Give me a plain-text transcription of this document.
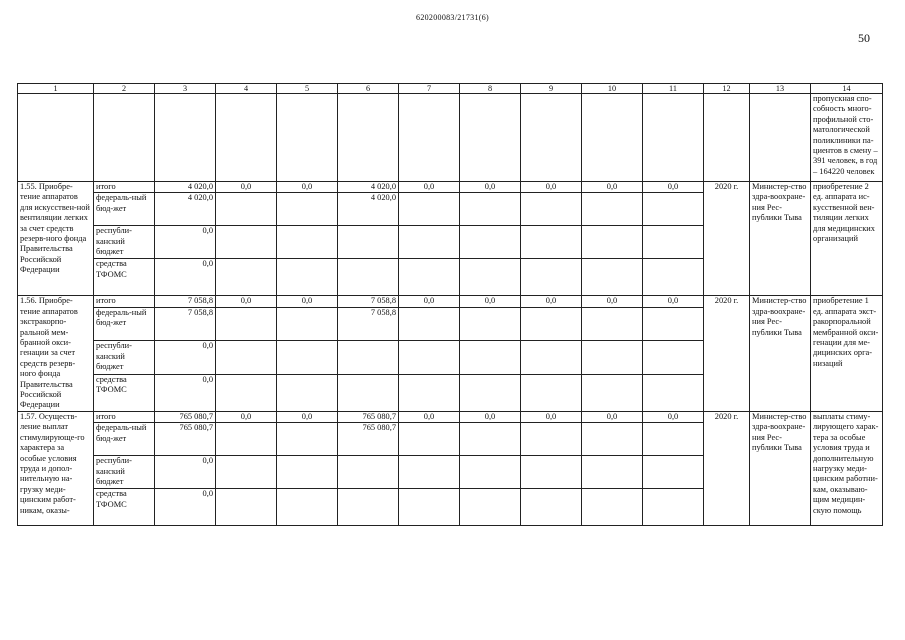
620200083/21731(6)
50
1	2	3	4	5	6	7	8	9	10	11	12	13	14
													пропускная спо-собность много-профильной сто-матологической поликлиники па-циентов в смену – 391 человек, в год – 164220 человек
1.55. Приобре-тение аппаратов для искусствен-ной вентиляции легких за счет средств резерв-ного фонда Правительства Российской Федерации	итого	4 020,0	0,0	0,0	4 020,0	0,0	0,0	0,0	0,0	0,0	2020 г.	Министер-ство здра-воохране-ния Рес-публики Тыва	приобретение 2 ед. аппарата ис-кусственной вен-тиляции легких для медицинских организаций
	федераль-ный бюд-жет	4 020,0			4 020,0								
	республи-канский бюджет	0,0											
	средства ТФОМС	0,0											
1.56. Приобре-тение аппаратов экстракорпо-ральной мем-бранной окси-генации за счет средств резерв-ного фонда Правительства Российской Федерации	итого	7 058,8	0,0	0,0	7 058,8	0,0	0,0	0,0	0,0	0,0	2020 г.	Министер-ство здра-воохране-ния Рес-публики Тыва	приобретение 1 ед. аппарата экст-ракорпоральной мембранной окси-генации для ме-дицинских орга-низаций
	федераль-ный бюд-жет	7 058,8			7 058,8								
	республи-канский бюджет	0,0											
	средства ТФОМС	0,0											
1.57. Осуществ-ление выплат стимулирующе-го характера за особые условия труда и допол-нительную на-грузку меди-цинским работ-никам, оказы-	итого	765 080,7	0,0	0,0	765 080,7	0,0	0,0	0,0	0,0	0,0	2020 г.	Министер-ство здра-воохране-ния Рес-публики Тыва	выплаты стиму-лирующего харак-тера за особые условия труда и дополнительную нагрузку меди-цинским работни-кам, оказываю-щим медицин-скую помощь
	федераль-ный бюд-жет	765 080,7			765 080,7								
	республи-канский бюджет	0,0											
	средства ТФОМС	0,0											
